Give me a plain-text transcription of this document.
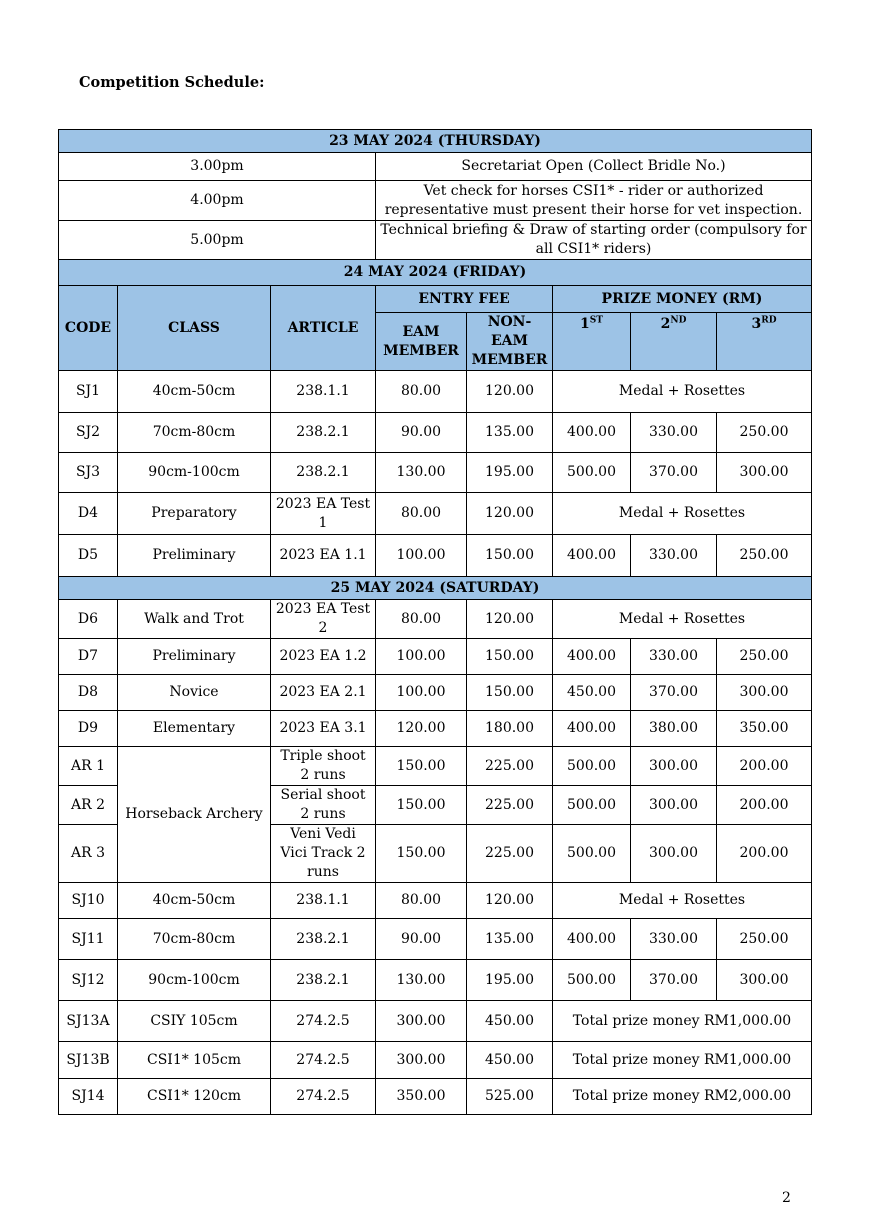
Competition Schedule:
23 MAY 2024 (THURSDAY)							
3.00pm			Secretariat Open (Collect Bridle No.)				
4.00pm			Vet check for horses CSI1* - rider or authorized representative must present their horse for vet inspection.				
5.00pm			Technical briefing & Draw of starting order (compulsory for all CSI1* riders)				
24 MAY 2024 (FRIDAY)							
CODE	CLASS	ARTICLE	ENTRY FEE		PRIZE MONEY (RM)		
			EAM MEMBER	NON-EAM MEMBER	1ST	2ND	3RD
SJ1	40cm-50cm	238.1.1	80.00	120.00	Medal + Rosettes		
SJ2	70cm-80cm	238.2.1	90.00	135.00	400.00	330.00	250.00
SJ3	90cm-100cm	238.2.1	130.00	195.00	500.00	370.00	300.00
D4	Preparatory	2023 EA Test 1	80.00	120.00	Medal + Rosettes		
D5	Preliminary	2023 EA 1.1	100.00	150.00	400.00	330.00	250.00
25 MAY 2024 (SATURDAY)							
D6	Walk and Trot	2023 EA Test 2	80.00	120.00	Medal + Rosettes		
D7	Preliminary	2023 EA 1.2	100.00	150.00	400.00	330.00	250.00
D8	Novice	2023 EA 2.1	100.00	150.00	450.00	370.00	300.00
D9	Elementary	2023 EA 3.1	120.00	180.00	400.00	380.00	350.00
AR 1	Horseback Archery	Triple shoot 2 runs	150.00	225.00	500.00	300.00	200.00
AR 2		Serial shoot 2 runs	150.00	225.00	500.00	300.00	200.00
AR 3		Veni Vedi Vici Track 2 runs	150.00	225.00	500.00	300.00	200.00
SJ10	40cm-50cm	238.1.1	80.00	120.00	Medal + Rosettes		
SJ11	70cm-80cm	238.2.1	90.00	135.00	400.00	330.00	250.00
SJ12	90cm-100cm	238.2.1	130.00	195.00	500.00	370.00	300.00
SJ13A	CSIY 105cm	274.2.5	300.00	450.00	Total prize money RM1,000.00		
SJ13B	CSI1* 105cm	274.2.5	300.00	450.00	Total prize money RM1,000.00		
SJ14	CSI1* 120cm	274.2.5	350.00	525.00	Total prize money RM2,000.00		
2
